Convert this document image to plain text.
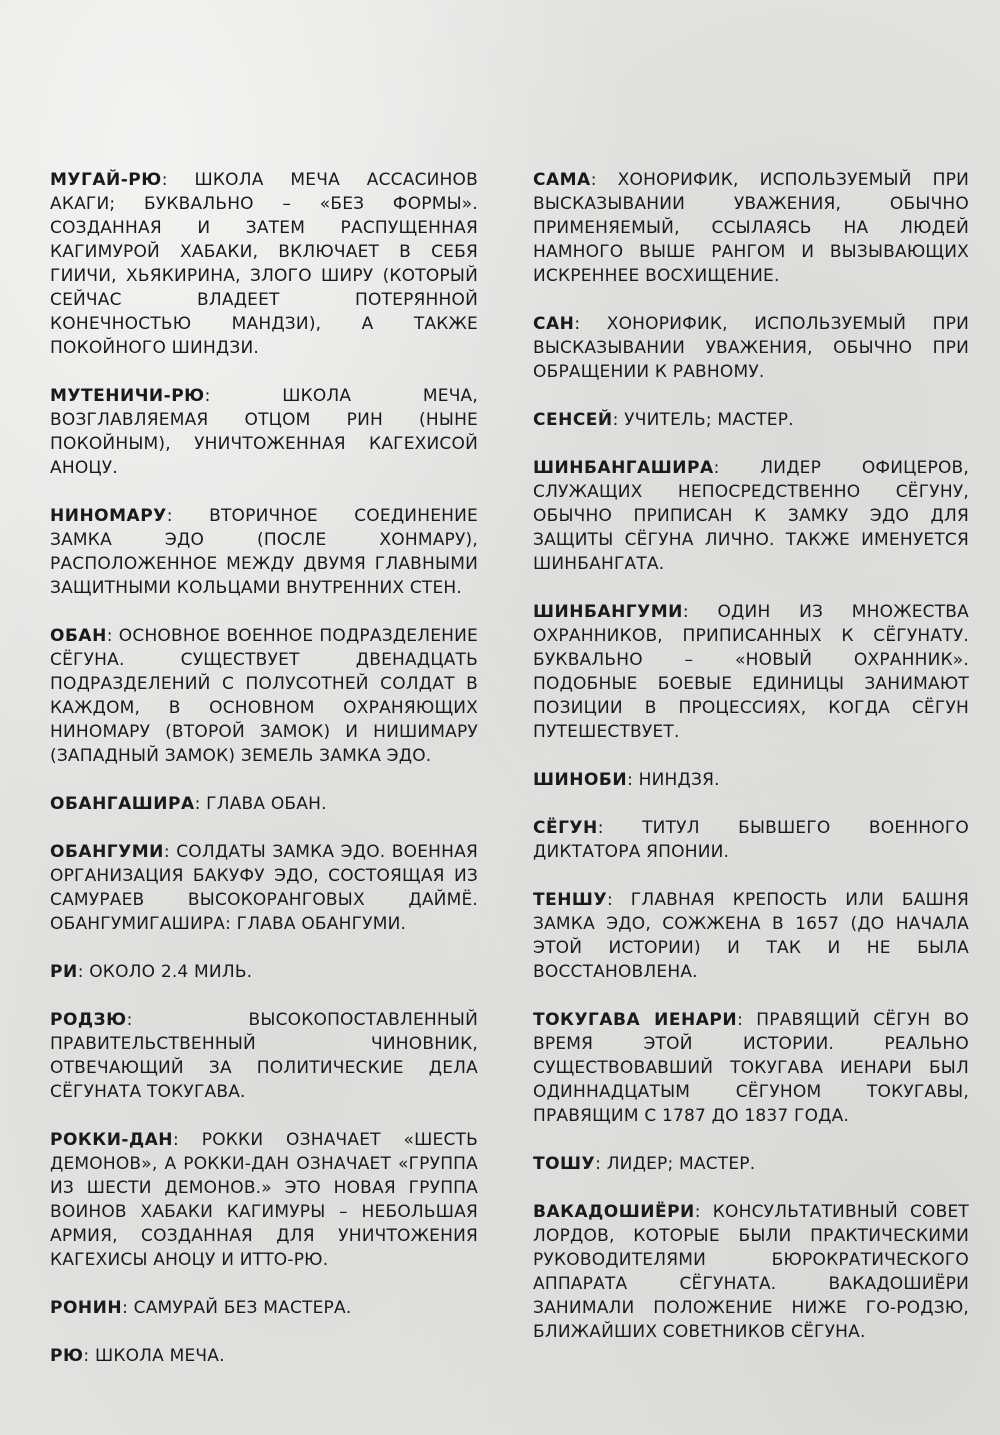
МУГАЙ-РЮ: ШКОЛА МЕЧА АССАСИНОВ АКАГИ; БУКВАЛЬНО – «БЕЗ ФОРМЫ». СОЗДАННАЯ И ЗАТЕМ РАСПУЩЕННАЯ КАГИМУРОЙ ХАБАКИ, ВКЛЮЧАЕТ В СЕБЯ ГИИЧИ, ХЬЯКИРИНА, ЗЛОГО ШИРУ (КОТОРЫЙ СЕЙЧАС ВЛАДЕЕТ ПОТЕРЯННОЙ КОНЕЧНОСТЬЮ МАНДЗИ), А ТАКЖЕ ПОКОЙНОГО ШИНДЗИ.

МУТЕНИЧИ-РЮ: ШКОЛА МЕЧА, ВОЗГЛАВЛЯЕМАЯ ОТЦОМ РИН (НЫНЕ ПОКОЙНЫМ), УНИЧТОЖЕННАЯ КАГЕХИСОЙ АНОЦУ.

НИНОМАРУ: ВТОРИЧНОЕ СОЕДИНЕНИЕ ЗАМКА ЭДО (ПОСЛЕ ХОНМАРУ), РАСПОЛОЖЕННОЕ МЕЖДУ ДВУМЯ ГЛАВНЫМИ ЗАЩИТНЫМИ КОЛЬЦАМИ ВНУТРЕННИХ СТЕН.

ОБАН: ОСНОВНОЕ ВОЕННОЕ ПОДРАЗДЕЛЕНИЕ СЁГУНА. СУЩЕСТВУЕТ ДВЕНАДЦАТЬ ПОДРАЗДЕЛЕНИЙ С ПОЛУСОТНЕЙ СОЛДАТ В КАЖДОМ, В ОСНОВНОМ ОХРАНЯЮЩИХ НИНОМАРУ (ВТОРОЙ ЗАМОК) И НИШИМАРУ (ЗАПАДНЫЙ ЗАМОК) ЗЕМЕЛЬ ЗАМКА ЭДО.

ОБАНГАШИРА: ГЛАВА ОБАН.

ОБАНГУМИ: СОЛДАТЫ ЗАМКА ЭДО. ВОЕННАЯ ОРГАНИЗАЦИЯ БАКУФУ ЭДО, СОСТОЯЩАЯ ИЗ САМУРАЕВ ВЫСОКОРАНГОВЫХ ДАЙМЁ. ОБАНГУМИГАШИРА: ГЛАВА ОБАНГУМИ.

РИ: ОКОЛО 2.4 МИЛЬ.

РОДЗЮ: ВЫСОКОПОСТАВЛЕННЫЙ ПРАВИТЕЛЬСТВЕННЫЙ ЧИНОВНИК, ОТВЕЧАЮЩИЙ ЗА ПОЛИТИЧЕСКИЕ ДЕЛА СЁГУНАТА ТОКУГАВА.

РОККИ-ДАН: РОККИ ОЗНАЧАЕТ «ШЕСТЬ ДЕМОНОВ», А РОККИ-ДАН ОЗНАЧАЕТ «ГРУППА ИЗ ШЕСТИ ДЕМОНОВ.» ЭТО НОВАЯ ГРУППА ВОИНОВ ХАБАКИ КАГИМУРЫ – НЕБОЛЬШАЯ АРМИЯ, СОЗДАННАЯ ДЛЯ УНИЧТОЖЕНИЯ КАГЕХИСЫ АНОЦУ И ИТТО-РЮ.

РОНИН: САМУРАЙ БЕЗ МАСТЕРА.

РЮ: ШКОЛА МЕЧА.

САМА: ХОНОРИФИК, ИСПОЛЬЗУЕМЫЙ ПРИ ВЫСКАЗЫВАНИИ УВАЖЕНИЯ, ОБЫЧНО ПРИМЕНЯЕМЫЙ, ССЫЛАЯСЬ НА ЛЮДЕЙ НАМНОГО ВЫШЕ РАНГОМ И ВЫЗЫВАЮЩИХ ИСКРЕННЕЕ ВОСХИЩЕНИЕ.

САН: ХОНОРИФИК, ИСПОЛЬЗУЕМЫЙ ПРИ ВЫСКАЗЫВАНИИ УВАЖЕНИЯ, ОБЫЧНО ПРИ ОБРАЩЕНИИ К РАВНОМУ.

СЕНСЕЙ: УЧИТЕЛЬ; МАСТЕР.

ШИНБАНГАШИРА: ЛИДЕР ОФИЦЕРОВ, СЛУЖАЩИХ НЕПОСРЕДСТВЕННО СЁГУНУ, ОБЫЧНО ПРИПИСАН К ЗАМКУ ЭДО ДЛЯ ЗАЩИТЫ СЁГУНА ЛИЧНО. ТАКЖЕ ИМЕНУЕТСЯ ШИНБАНГАТА.

ШИНБАНГУМИ: ОДИН ИЗ МНОЖЕСТВА ОХРАННИКОВ, ПРИПИСАННЫХ К СЁГУНАТУ. БУКВАЛЬНО – «НОВЫЙ ОХРАННИК». ПОДОБНЫЕ БОЕВЫЕ ЕДИНИЦЫ ЗАНИМАЮТ ПОЗИЦИИ В ПРОЦЕССИЯХ, КОГДА СЁГУН ПУТЕШЕСТВУЕТ.

ШИНОБИ: НИНДЗЯ.

СЁГУН: ТИТУЛ БЫВШЕГО ВОЕННОГО ДИКТАТОРА ЯПОНИИ.

ТЕНШУ: ГЛАВНАЯ КРЕПОСТЬ ИЛИ БАШНЯ ЗАМКА ЭДО, СОЖЖЕНА В 1657 (ДО НАЧАЛА ЭТОЙ ИСТОРИИ) И ТАК И НЕ БЫЛА ВОССТАНОВЛЕНА.

ТОКУГАВА ИЕНАРИ: ПРАВЯЩИЙ СЁГУН ВО ВРЕМЯ ЭТОЙ ИСТОРИИ. РЕАЛЬНО СУЩЕСТВОВАВШИЙ ТОКУГАВА ИЕНАРИ БЫЛ ОДИННАДЦАТЫМ СЁГУНОМ ТОКУГАВЫ, ПРАВЯЩИМ С 1787 ДО 1837 ГОДА.

ТОШУ: ЛИДЕР; МАСТЕР.

ВАКАДОШИЁРИ: КОНСУЛЬТАТИВНЫЙ СОВЕТ ЛОРДОВ, КОТОРЫЕ БЫЛИ ПРАКТИЧЕСКИМИ РУКОВОДИТЕЛЯМИ БЮРОКРАТИЧЕСКОГО АППАРАТА СЁГУНАТА. ВАКАДОШИЁРИ ЗАНИМАЛИ ПОЛОЖЕНИЕ НИЖЕ ГО-РОДЗЮ, БЛИЖАЙШИХ СОВЕТНИКОВ СЁГУНА.
